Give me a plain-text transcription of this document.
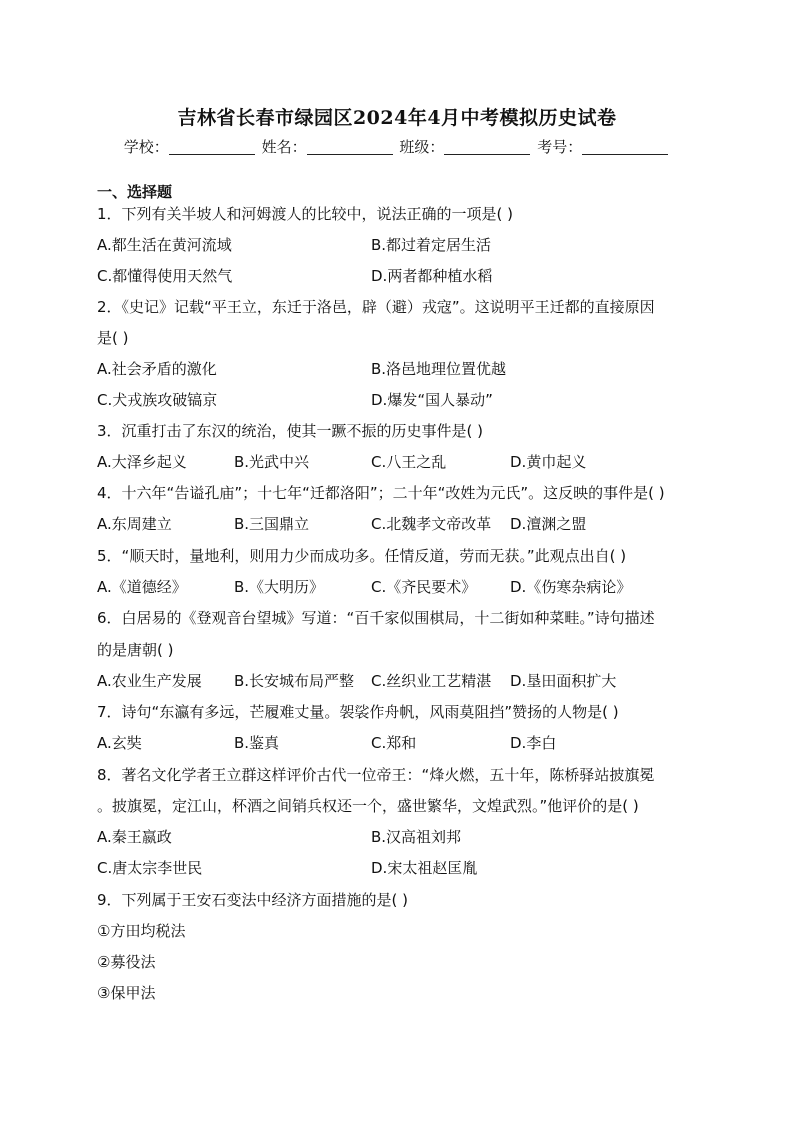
吉林省长春市绿园区2024年4月中考模拟历史试卷
学校：	姓名：	班级：	考号：
一、选择题
1．下列有关半坡人和河姆渡人的比较中，说法正确的一项是( )
A.都生活在黄河流域	B.都过着定居生活
C.都懂得使用天然气	D.两者都种植水稻
2．《史记》记载“平王立，东迁于洛邑，辟（避）戎寇”。这说明平王迁都的直接原因
是( )
A.社会矛盾的激化	B.洛邑地理位置优越
C.犬戎族攻破镐京	D.爆发“国人暴动”
3．沉重打击了东汉的统治，使其一蹶不振的历史事件是( )
A.大泽乡起义	B.光武中兴	C.八王之乱	D.黄巾起义
4．十六年“告谥孔庙”；十七年“迁都洛阳”；二十年“改姓为元氏”。这反映的事件是( )
A.东周建立	B.三国鼎立	C.北魏孝文帝改革 D.澶渊之盟
5．“顺天时，量地利，则用力少而成功多。任情反道，劳而无获。”此观点出自( )
A.《道德经》	B.《大明历》	C.《齐民要术》 D.《伤寒杂病论》
6．白居易的《登观音台望城》写道：“百千家似围棋局，十二街如种菜畦。”诗句描述
的是唐朝( )
A.农业生产发展 B.长安城布局严整 C.丝织业工艺精湛 D.垦田面积扩大
7．诗句“东瀛有多远，芒履难丈量。袈裟作舟帆，风雨莫阻挡”赞扬的人物是( )
A.玄奘	B.鉴真	C.郑和	D.李白
8．著名文化学者王立群这样评价古代一位帝王：“烽火燃，五十年，陈桥驿站披旗冕
。披旗冕，定江山，杯酒之间销兵权还一个，盛世繁华，文煌武烈。”他评价的是( )
A.秦王嬴政	B.汉高祖刘邦
C.唐太宗李世民	D.宋太祖赵匡胤
9．下列属于王安石变法中经济方面措施的是( )
①方田均税法
②募役法
③保甲法
